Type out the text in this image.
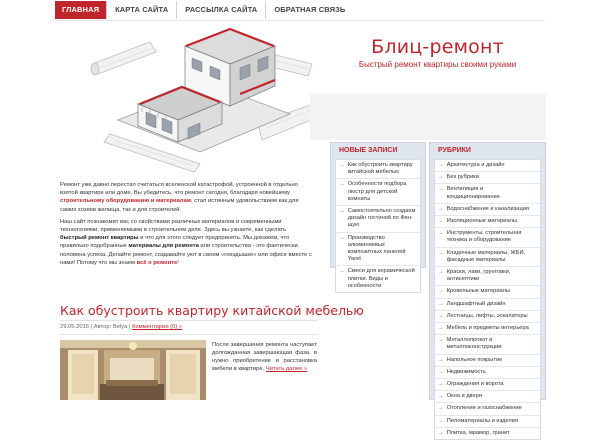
ГЛАВНАЯ	КАРТА САЙТА	РАССЫЛКА САЙТА	ОБРАТНАЯ СВЯЗЬ
Блиц-ремонт
Быстрый ремонт квартиры своими руками

Ремонт уже давно перестал считаться вселенской катастрофой, устроенной в отдельно взятой квартире или доме. Вы убедитесь, что ремонт сегодня, благодаря новейшему строительному оборудованию и материалам, стал истинным удовольствием как для самих хозяев жилища, так и для строителей.

Наш сайт познакомит вас со свойствами различных материалов и современными технологиями, применяемыми в строительном деле. Здесь вы узнаете, как сделать быстрый ремонт квартиры и что для этого следует предпринять. Мы докажем, что правильно подобранные материалы для ремонта или строительства - это фактически половина успеха. Делайте ремонт, создавайте уют в своем «гнездышке» или офисе вместе с нами! Потому что мы знаем всё о ремонте!

Как обустроить квартиру китайской мебелью
29.05.2015 | Автор: Belya | Комментарии (0) »
После завершения ремонта наступает долгожданная завершающая фаза, в нужно приобретение и расстановка мебели в квартире. Читать далее »
НОВЫЕ ЗАПИСИ
→ Как обустроить квартиру китайской мебелью
→ Особенности подбора люстр для детской комнаты
→ Самостоятельно создаем дизайн гостиной по Фен-шую
→ Производство алюминиевых композитных панелей Yaret
→ Смеси для керамической плитки. Виды и особенности
РУБРИКИ
→ Архитектура и дизайн
→ Без рубрики
→ Вентиляция и кондиционирование
→ Водоснабжение и канализация
→ Изоляционные материалы
→ Инструменты, строительная техника и оборудование
→ Кладочные материалы, ЖБИ, фасадные материалы
→ Краски, лаки, грунтовки, антисептики
→ Кровельные материалы
→ Ландшафтный дизайн
→ Лестницы, лифты, эскалаторы
→ Мебель и предметы интерьера
→ Металлопрокат и металлоконструкции
→ Напольное покрытие
→ Недвижимость
→ Ограждения и ворота
→ Окна и двери
→ Отопление и газоснабжение
→ Пиломатериалы и изделия
→ Плитка, мрамор, гранит
